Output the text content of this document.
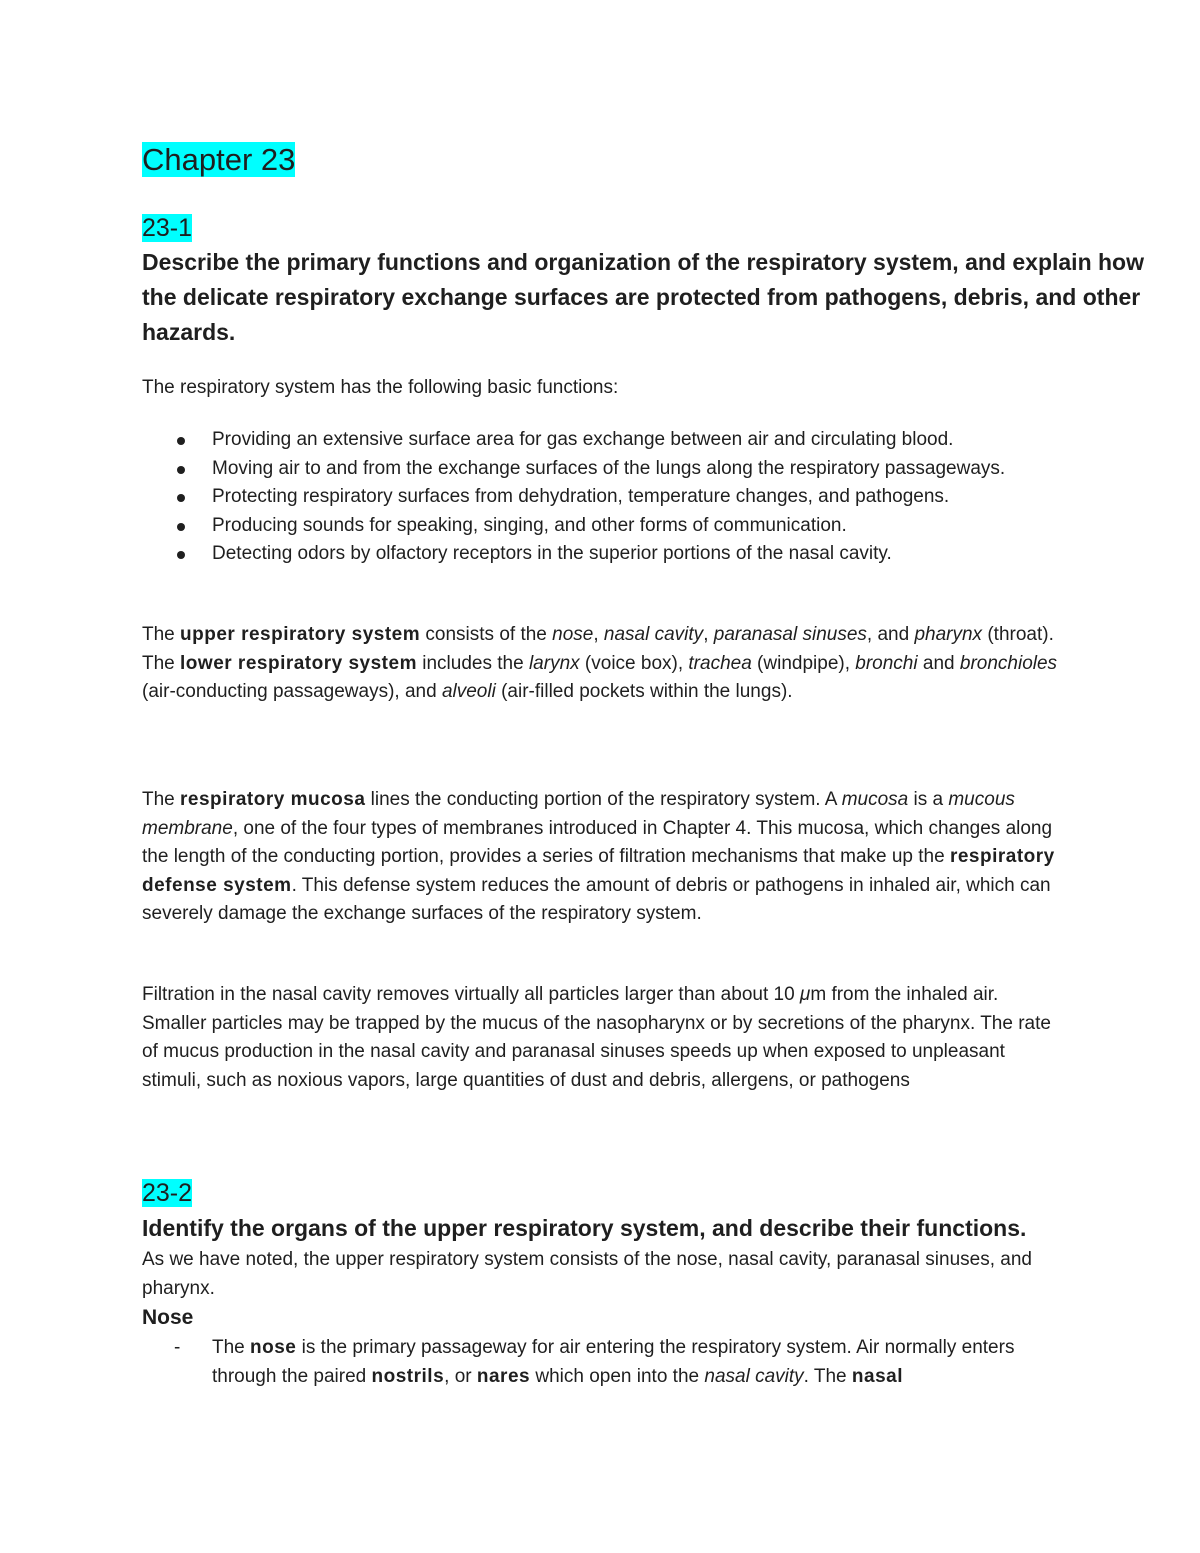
Chapter 23
23-1

Describe the primary functions and organization of the respiratory system, and explain how the delicate respiratory exchange surfaces are protected from pathogens, debris, and other hazards.

The respiratory system has the following basic functions:

Providing an extensive surface area for gas exchange between air and circulating blood.
Moving air to and from the exchange surfaces of the lungs along the respiratory passageways.
Protecting respiratory surfaces from dehydration, temperature changes, and pathogens.
Producing sounds for speaking, singing, and other forms of communication.
Detecting odors by olfactory receptors in the superior portions of the nasal cavity.

The upper respiratory system consists of the nose, nasal cavity, paranasal sinuses, and pharynx (throat). The lower respiratory system includes the larynx (voice box), trachea (windpipe), bronchi and bronchioles (air-conducting passageways), and alveoli (air-filled pockets within the lungs).

The respiratory mucosa lines the conducting portion of the respiratory system. A mucosa is a mucous membrane, one of the four types of membranes introduced in Chapter 4. This mucosa, which changes along the length of the conducting portion, provides a series of filtration mechanisms that make up the respiratory defense system. This defense system reduces the amount of debris or pathogens in inhaled air, which can severely damage the exchange surfaces of the respiratory system.

Filtration in the nasal cavity removes virtually all particles larger than about 10 μm from the inhaled air. Smaller particles may be trapped by the mucus of the nasopharynx or by secretions of the pharynx. The rate of mucus production in the nasal cavity and paranasal sinuses speeds up when exposed to unpleasant stimuli, such as noxious vapors, large quantities of dust and debris, allergens, or pathogens

23-2

Identify the organs of the upper respiratory system, and describe their functions.

As we have noted, the upper respiratory system consists of the nose, nasal cavity, paranasal sinuses, and pharynx.

Nose

- The nose is the primary passageway for air entering the respiratory system. Air normally enters through the paired nostrils, or nares which open into the nasal cavity. The nasal
